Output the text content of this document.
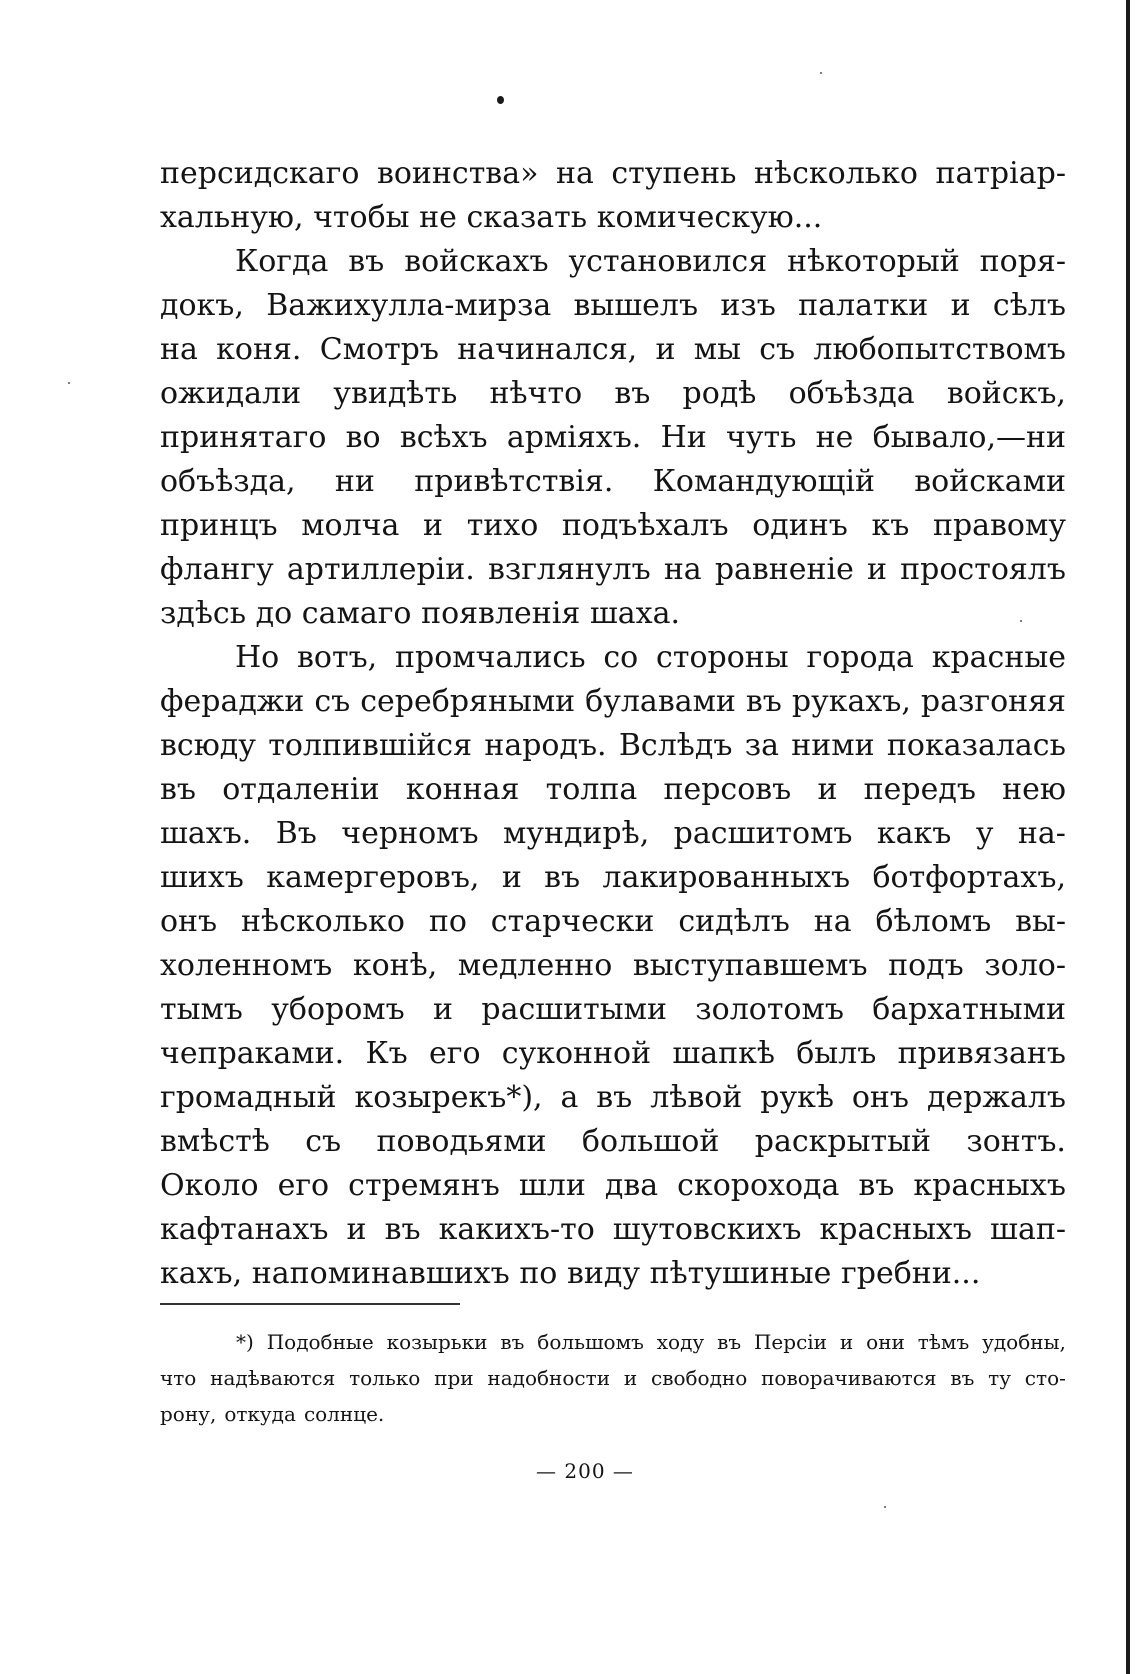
персидскаго воинства» на ступень нѣсколько патріар-
хальную, чтобы не сказать комическую...
Когда въ войскахъ установился нѣкоторый поря-
докъ, Важихулла-мирза вышелъ изъ палатки и сѣлъ
на коня. Смотръ начинался, и мы съ любопытствомъ
ожидали увидѣть нѣчто въ родѣ объѣзда войскъ,
принятаго во всѣхъ арміяхъ. Ни чуть не бывало,—ни
объѣзда, ни привѣтствія. Командующій войсками
принцъ молча и тихо подъѣхалъ одинъ къ правому
флангу артиллеріи. взглянулъ на равненіе и простоялъ
здѣсь до самаго появленія шаха.
Но вотъ, промчались со стороны города красные
фераджи съ серебряными булавами въ рукахъ, разгоняя
всюду толпившійся народъ. Вслѣдъ за ними показалась
въ отдаленіи конная толпа персовъ и передъ нею
шахъ. Въ черномъ мундирѣ, расшитомъ какъ у на-
шихъ камергеровъ, и въ лакированныхъ ботфортахъ,
онъ нѣсколько по старчески сидѣлъ на бѣломъ вы-
холенномъ конѣ, медленно выступавшемъ подъ золо-
тымъ уборомъ и расшитыми золотомъ бархатными
чепраками. Къ его суконной шапкѣ былъ привязанъ
громадный козырекъ*), а въ лѣвой рукѣ онъ держалъ
вмѣстѣ съ поводьями большой раскрытый зонтъ.
Около его стремянъ шли два скорохода въ красныхъ
кафтанахъ и въ какихъ-то шутовскихъ красныхъ шап-
кахъ, напоминавшихъ по виду пѣтушиные гребни...
*) Подобные козырьки въ большомъ ходу въ Персіи и они тѣмъ удобны,
что надѣваются только при надобности и свободно поворачиваются въ ту сто-
рону, откуда солнце.
— 200 —
